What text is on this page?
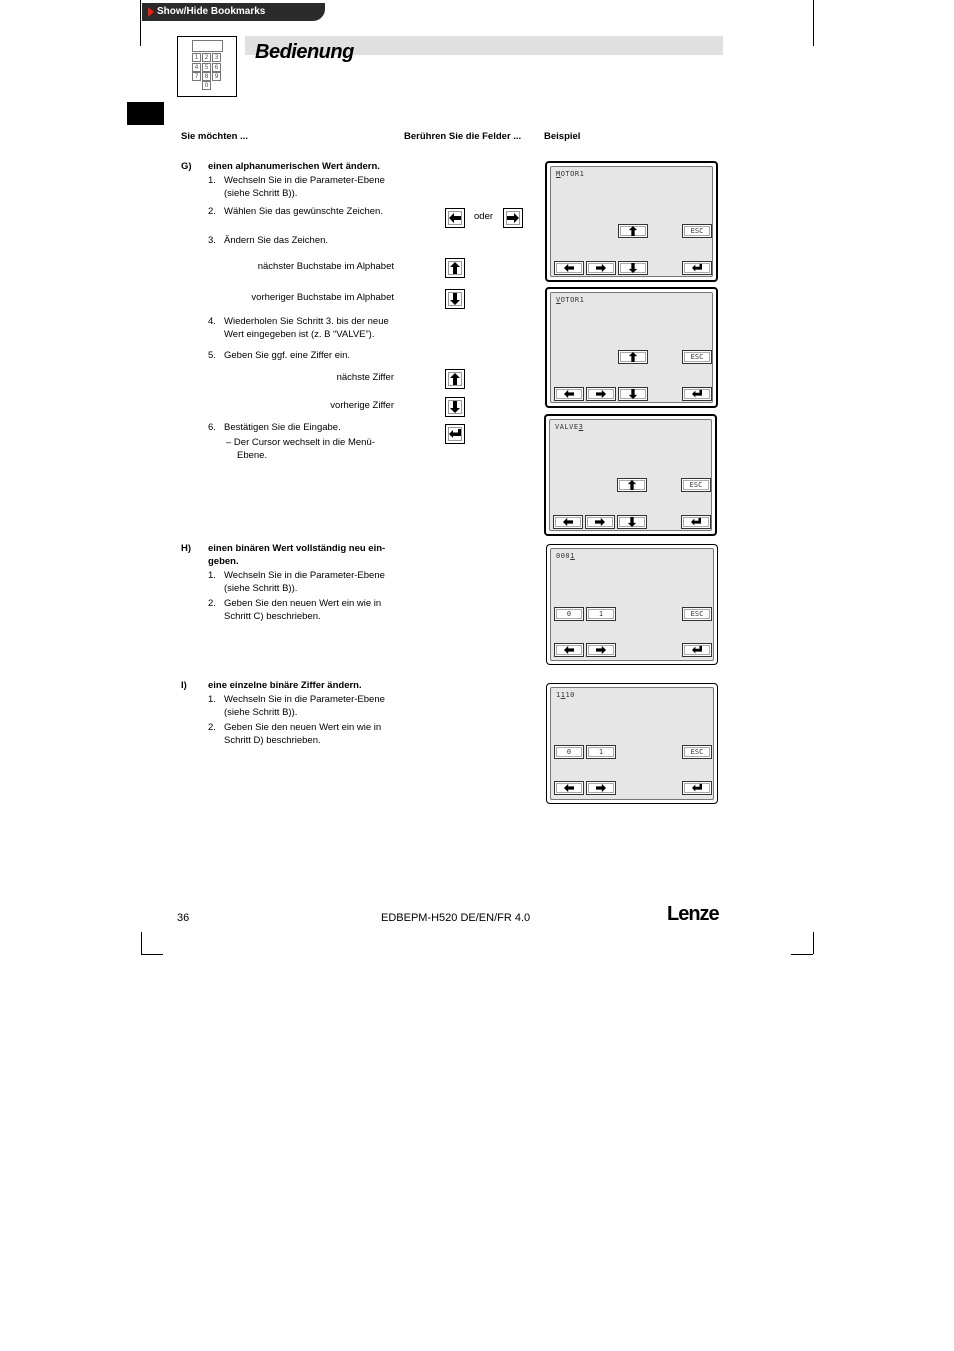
Show/Hide Bookmarks
Bedienung
1	2	3
4	5	6
7	8	9
0
Sie möchten ...	Berühren Sie die Felder ... Beispiel
G) einen alphanumerischen Wert ändern.
1. Wechseln Sie in die Parameter-Ebene
(siehe Schritt B)).
2. Wählen Sie das gewünschte Zeichen.	oder
3. Ändern Sie das Zeichen.
nächster Buchstabe im Alphabet
vorheriger Buchstabe im Alphabet
4. Wiederholen Sie Schritt 3. bis der neue
Wert eingegeben ist (z. B “VALVE”).
5. Geben Sie ggf. eine Ziffer ein.
nächste Ziffer
vorherige Ziffer
6. Bestätigen Sie die Eingabe.
– Der Cursor wechselt in die Menü-
Ebene.
MOTOR1
ESC
VOTOR1
ESC
VALVE3
ESC
H) einen binären Wert vollständig neu ein-
geben.
1. Wechseln Sie in die Parameter-Ebene
(siehe Schritt B)).
2. Geben Sie den neuen Wert ein wie in
Schritt C) beschrieben.
0001
0	1	ESC
I) eine einzelne binäre Ziffer ändern.
1. Wechseln Sie in die Parameter-Ebene
(siehe Schritt B)).
2. Geben Sie den neuen Wert ein wie in
Schritt D) beschrieben.
1110
0	1	ESC
36	EDBEPM-H520 DE/EN/FR 4.0	Lenze
